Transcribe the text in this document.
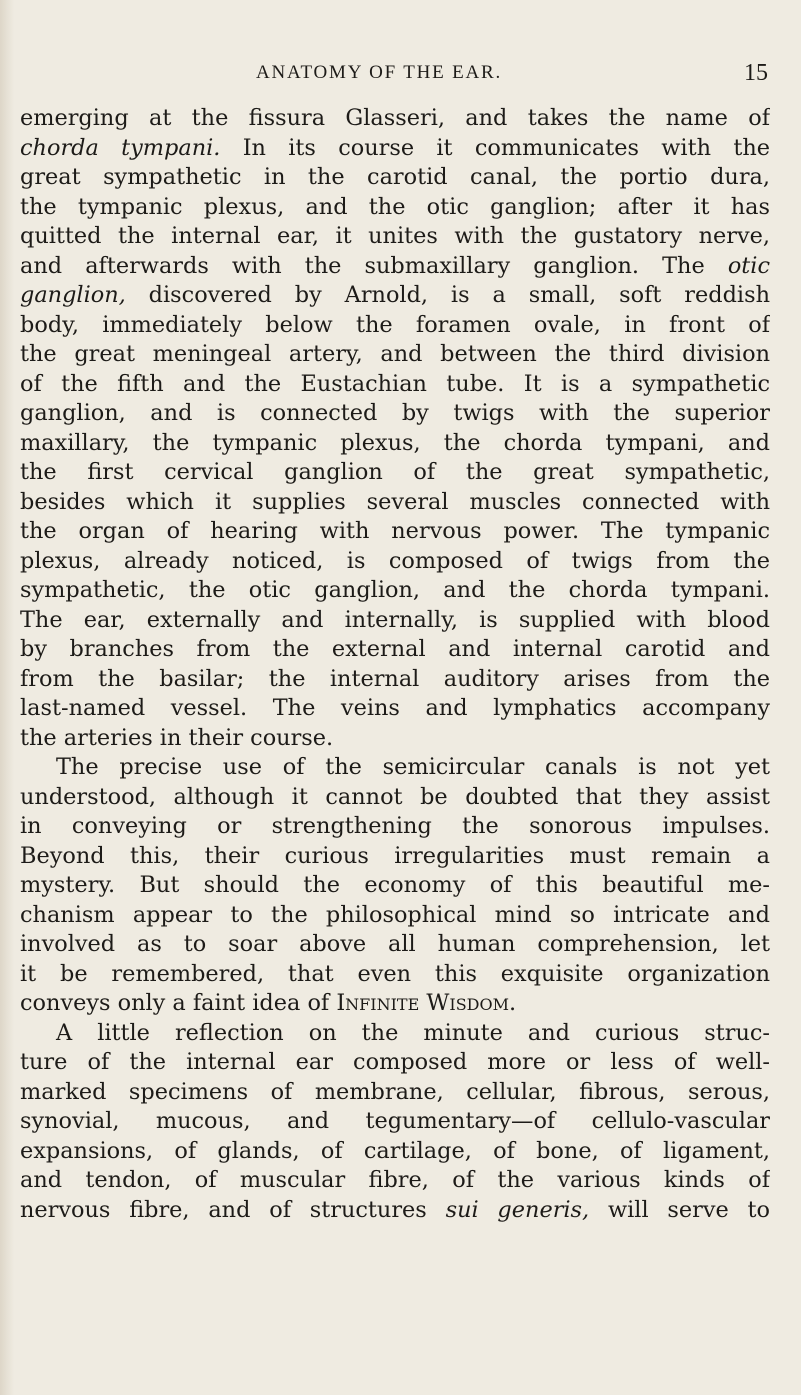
ANATOMY OF THE EAR.	15
emerging at the fissura Glasseri, and takes the name of
chorda tympani. In its course it communicates with the
great sympathetic in the carotid canal, the portio dura,
the tympanic plexus, and the otic ganglion; after it has
quitted the internal ear, it unites with the gustatory nerve,
and afterwards with the submaxillary ganglion. The otic
ganglion, discovered by Arnold, is a small, soft reddish
body, immediately below the foramen ovale, in front of
the great meningeal artery, and between the third division
of the fifth and the Eustachian tube. It is a sympathetic
ganglion, and is connected by twigs with the superior
maxillary, the tympanic plexus, the chorda tympani, and
the first cervical ganglion of the great sympathetic,
besides which it supplies several muscles connected with
the organ of hearing with nervous power. The tympanic
plexus, already noticed, is composed of twigs from the
sympathetic, the otic ganglion, and the chorda tympani.
The ear, externally and internally, is supplied with blood
by branches from the external and internal carotid and
from the basilar; the internal auditory arises from the
last-named vessel. The veins and lymphatics accompany
the arteries in their course.
The precise use of the semicircular canals is not yet
understood, although it cannot be doubted that they assist
in conveying or strengthening the sonorous impulses.
Beyond this, their curious irregularities must remain a
mystery. But should the economy of this beautiful me-
chanism appear to the philosophical mind so intricate and
involved as to soar above all human comprehension, let
it be remembered, that even this exquisite organization
conveys only a faint idea of Infinite Wisdom.
A little reflection on the minute and curious struc-
ture of the internal ear composed more or less of well-
marked specimens of membrane, cellular, fibrous, serous,
synovial, mucous, and tegumentary—of cellulo-vascular
expansions, of glands, of cartilage, of bone, of ligament,
and tendon, of muscular fibre, of the various kinds of
nervous fibre, and of structures sui generis, will serve to
